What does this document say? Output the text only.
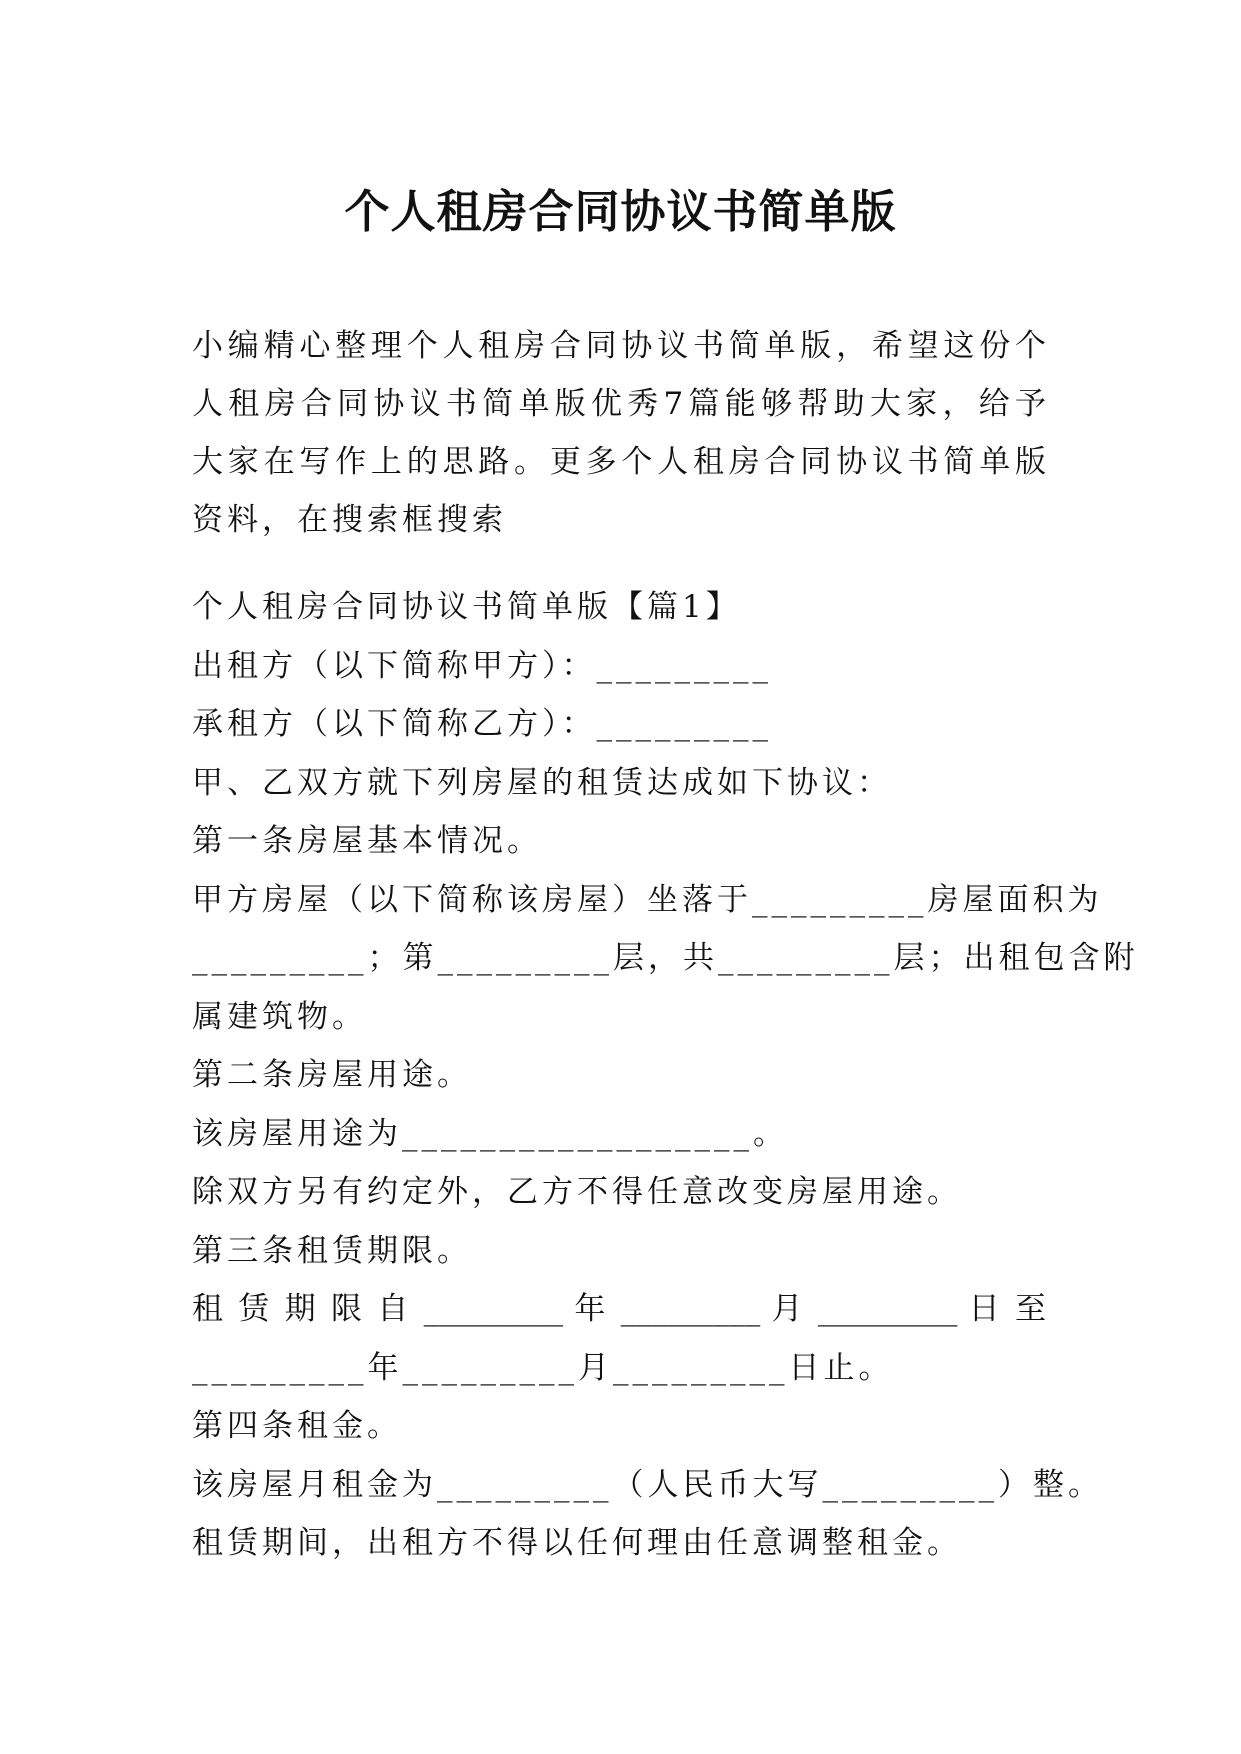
个人租房合同协议书简单版

小编精心整理个人租房合同协议书简单版，希望这份个人租房合同协议书简单版优秀7篇能够帮助大家，给予大家在写作上的思路。更多个人租房合同协议书简单版资料，在搜索框搜索

个人租房合同协议书简单版【篇1】
出租方（以下简称甲方）：_________
承租方（以下简称乙方）：_________
甲、乙双方就下列房屋的租赁达成如下协议：
第一条房屋基本情况。
甲方房屋（以下简称该房屋）坐落于_________房屋面积为
_________；第_________层，共_________层；出租包含附
属建筑物。
第二条房屋用途。
该房屋用途为__________________。
除双方另有约定外，乙方不得任意改变房屋用途。
第三条租赁期限。
租 赁 期 限 自 _________ 年 _________ 月 _________ 日 至
_________年_________月_________日止。
第四条租金。
该房屋月租金为_________（人民币大写_________）整。
租赁期间，出租方不得以任何理由任意调整租金。
